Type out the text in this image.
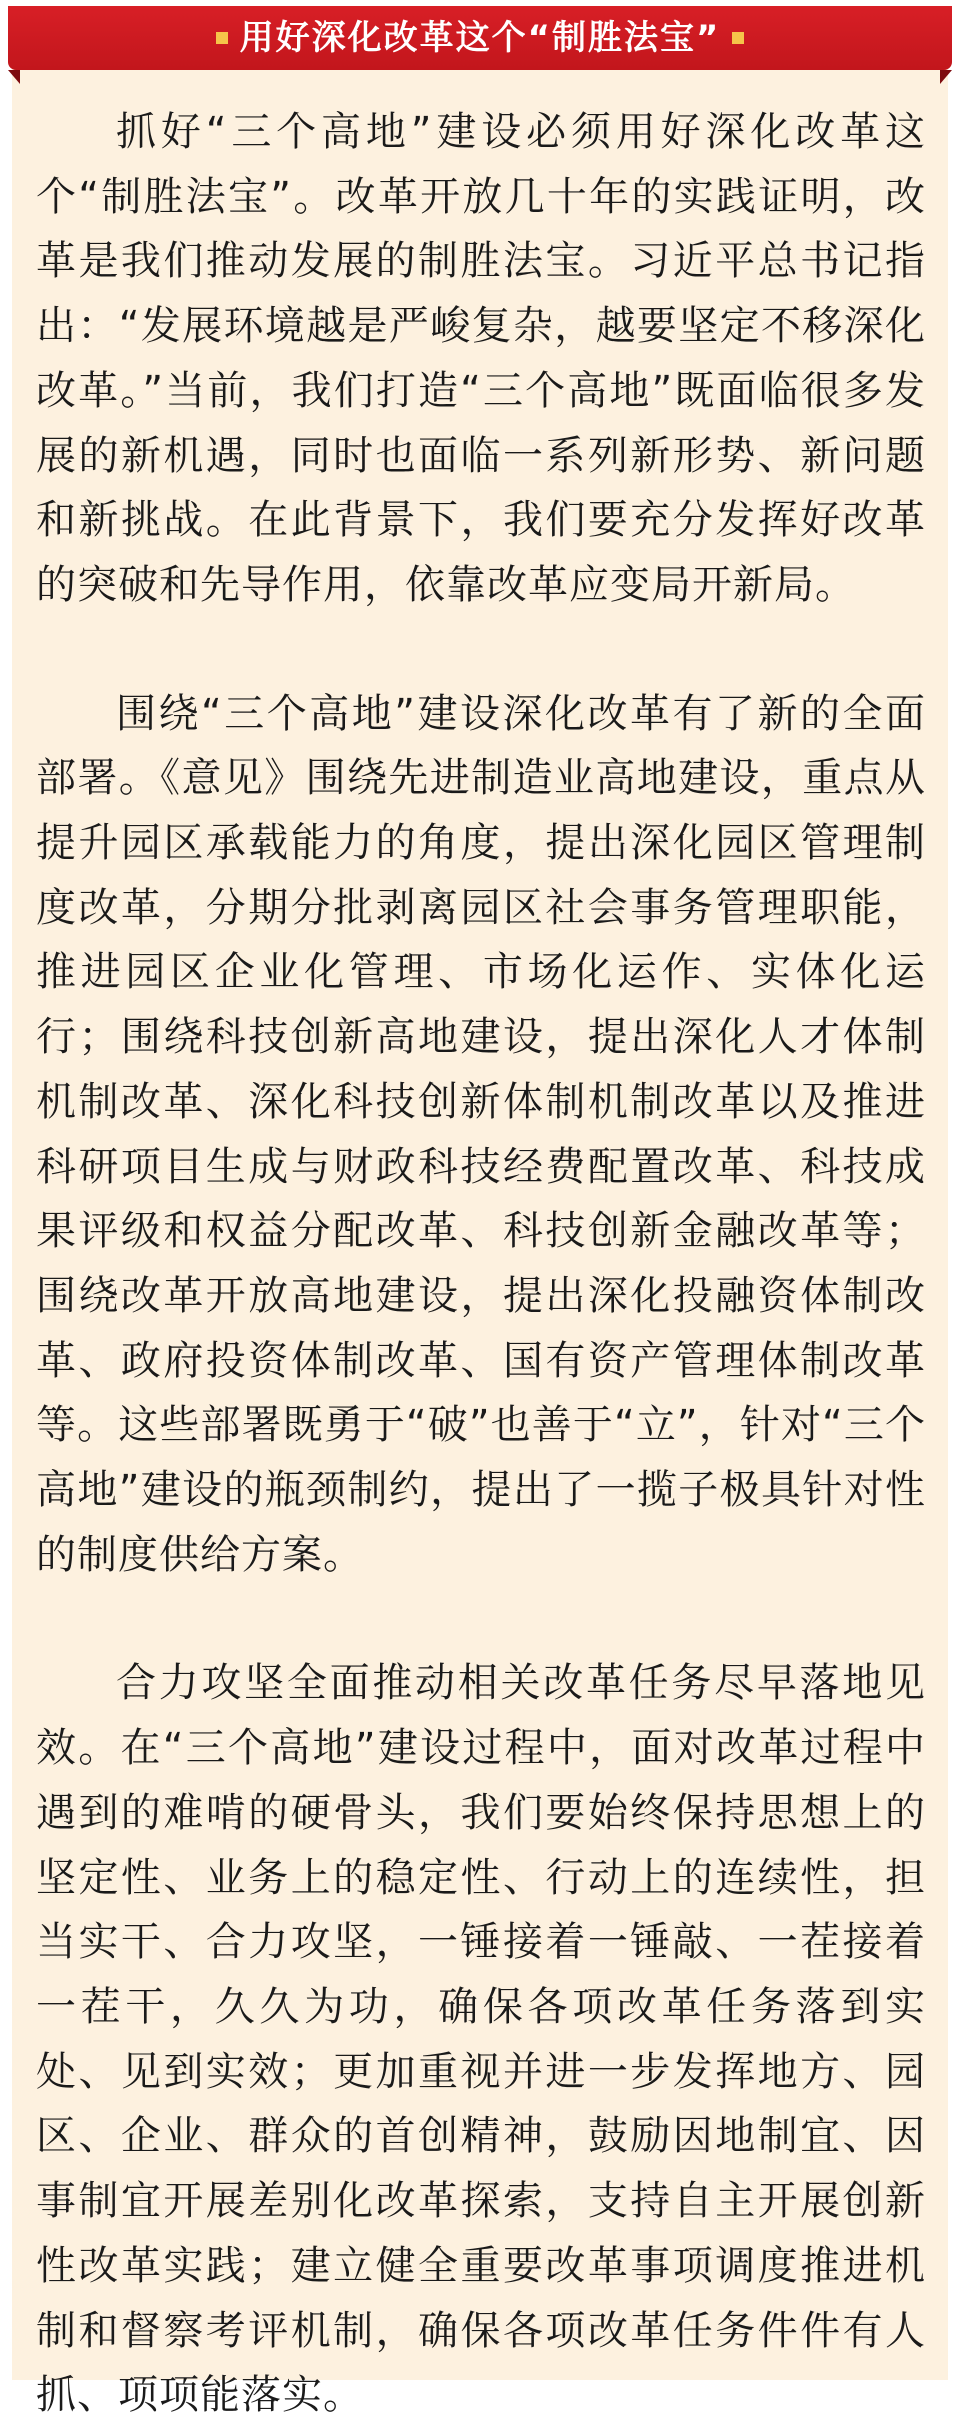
用好深化改革这个“制胜法宝”

抓好“三个高地”建设必须用好深化改革这个“制胜法宝”。改革开放几十年的实践证明，改革是我们推动发展的制胜法宝。习近平总书记指出：“发展环境越是严峻复杂，越要坚定不移深化改革。”当前，我们打造“三个高地”既面临很多发展的新机遇，同时也面临一系列新形势、新问题和新挑战。在此背景下，我们要充分发挥好改革的突破和先导作用，依靠改革应变局开新局。

围绕“三个高地”建设深化改革有了新的全面部署。《意见》围绕先进制造业高地建设，重点从提升园区承载能力的角度，提出深化园区管理制度改革，分期分批剥离园区社会事务管理职能，推进园区企业化管理、市场化运作、实体化运行；围绕科技创新高地建设，提出深化人才体制机制改革、深化科技创新体制机制改革以及推进科研项目生成与财政科技经费配置改革、科技成果评级和权益分配改革、科技创新金融改革等；围绕改革开放高地建设，提出深化投融资体制改革、政府投资体制改革、国有资产管理体制改革等。这些部署既勇于“破”也善于“立”，针对“三个高地”建设的瓶颈制约，提出了一揽子极具针对性的制度供给方案。

合力攻坚全面推动相关改革任务尽早落地见效。在“三个高地”建设过程中，面对改革过程中遇到的难啃的硬骨头，我们要始终保持思想上的坚定性、业务上的稳定性、行动上的连续性，担当实干、合力攻坚，一锤接着一锤敲、一茬接着一茬干，久久为功，确保各项改革任务落到实处、见到实效；更加重视并进一步发挥地方、园区、企业、群众的首创精神，鼓励因地制宜、因事制宜开展差别化改革探索，支持自主开展创新性改革实践；建立健全重要改革事项调度推进机制和督察考评机制，确保各项改革任务件件有人抓、项项能落实。
